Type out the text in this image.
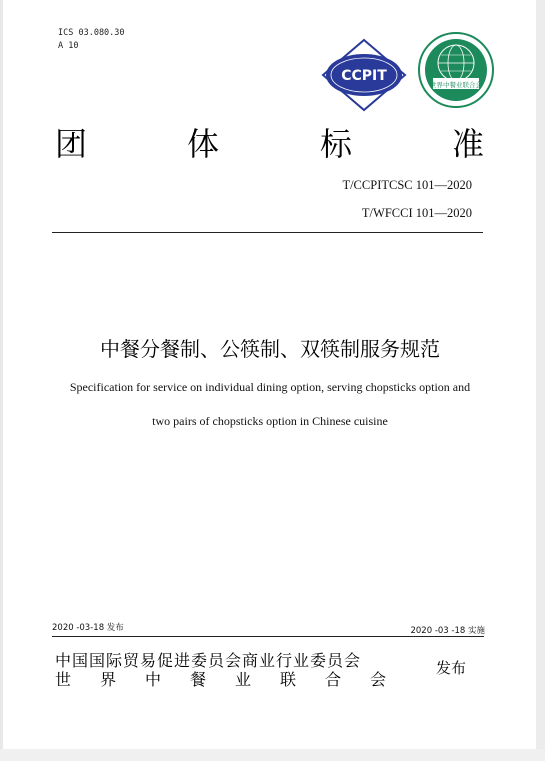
ICS 03.080.30
A 10
CCPIT
世界中餐业联合会
团	体	标	准
T/CCPITCSC 101—2020
T/WFCCI 101—2020
中餐分餐制、公筷制、双筷制服务规范
Specification for service on individual dining option, serving chopsticks option and
two pairs of chopsticks option in Chinese cuisine
2020 -03-18 发布	2020 -03 -18 实施
中国国际贸易促进委员会商业行业委员会
世界中餐业联合会
发布
